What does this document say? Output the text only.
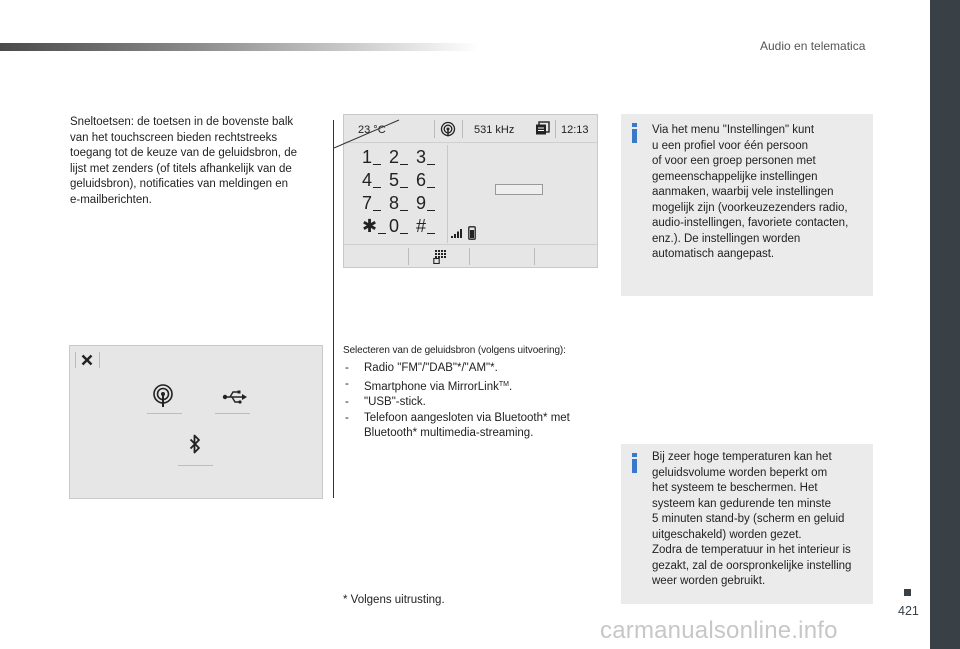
Audio en telematica
Sneltoetsen: de toetsen in de bovenste balk
van het touchscreen bieden rechtstreeks
toegang tot de keuze van de geluidsbron, de
lijst met zenders (of titels afhankelijk van de
geluidsbron), notificaties van meldingen en
e-mailberichten.
23 °C	531 kHz	12:13
1 2 3
4 5 6
7 8 9
✱ 0 #
Via het menu "Instellingen" kunt
u een profiel voor één persoon
of voor een groep personen met
gemeenschappelijke instellingen
aanmaken, waarbij vele instellingen
mogelijk zijn (voorkeuzezenders radio,
audio-instellingen, favoriete contacten,
enz.). De instellingen worden
automatisch aangepast.
Selecteren van de geluidsbron (volgens uitvoering):
- Radio "FM"/"DAB"*/"AM"*.
- Smartphone via MirrorLink™.
- "USB"-stick.
- Telefoon aangesloten via Bluetooth* met
Bluetooth* multimedia-streaming.
Bij zeer hoge temperaturen kan het
geluidsvolume worden beperkt om
het systeem te beschermen. Het
systeem kan gedurende ten minste
5 minuten stand-by (scherm en geluid
uitgeschakeld) worden gezet.
Zodra de temperatuur in het interieur is
gezakt, zal de oorspronkelijke instelling
weer worden gebruikt.
* Volgens uitrusting.
421
carmanualsonline.info
